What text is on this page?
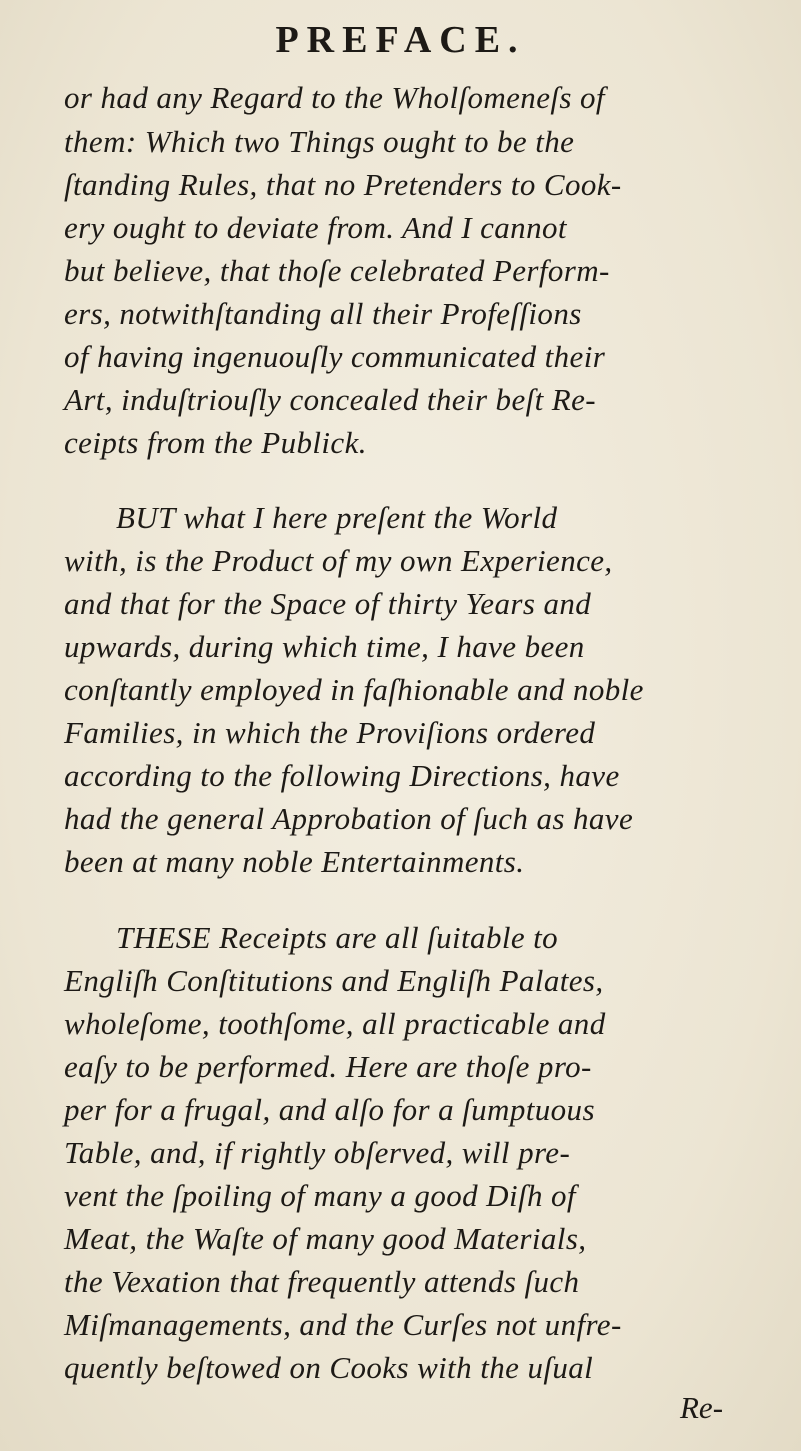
PREFACE.
or had any Regard to the Wholſomeneſs of
them: Which two Things ought to be the
ſtanding Rules, that no Pretenders to Cook-
ery ought to deviate from. And I cannot
but believe, that thoſe celebrated Perform-
ers, notwithſtanding all their Profeſſions
of having ingenuouſly communicated their
Art, induſtriouſly concealed their beſt Re-
ceipts from the Publick.
BUT what I here preſent the World
with, is the Product of my own Experience,
and that for the Space of thirty Years and
upwards, during which time, I have been
conſtantly employed in faſhionable and noble
Families, in which the Proviſions ordered
according to the following Directions, have
had the general Approbation of ſuch as have
been at many noble Entertainments.
THESE Receipts are all ſuitable to
Engliſh Conſtitutions and Engliſh Palates,
wholeſome, toothſome, all practicable and
eaſy to be performed. Here are thoſe pro-
per for a frugal, and alſo for a ſumptuous
Table, and, if rightly obſerved, will pre-
vent the ſpoiling of many a good Diſh of
Meat, the Waſte of many good Materials,
the Vexation that frequently attends ſuch
Miſmanagements, and the Curſes not unfre-
quently beſtowed on Cooks with the uſual
Re-
